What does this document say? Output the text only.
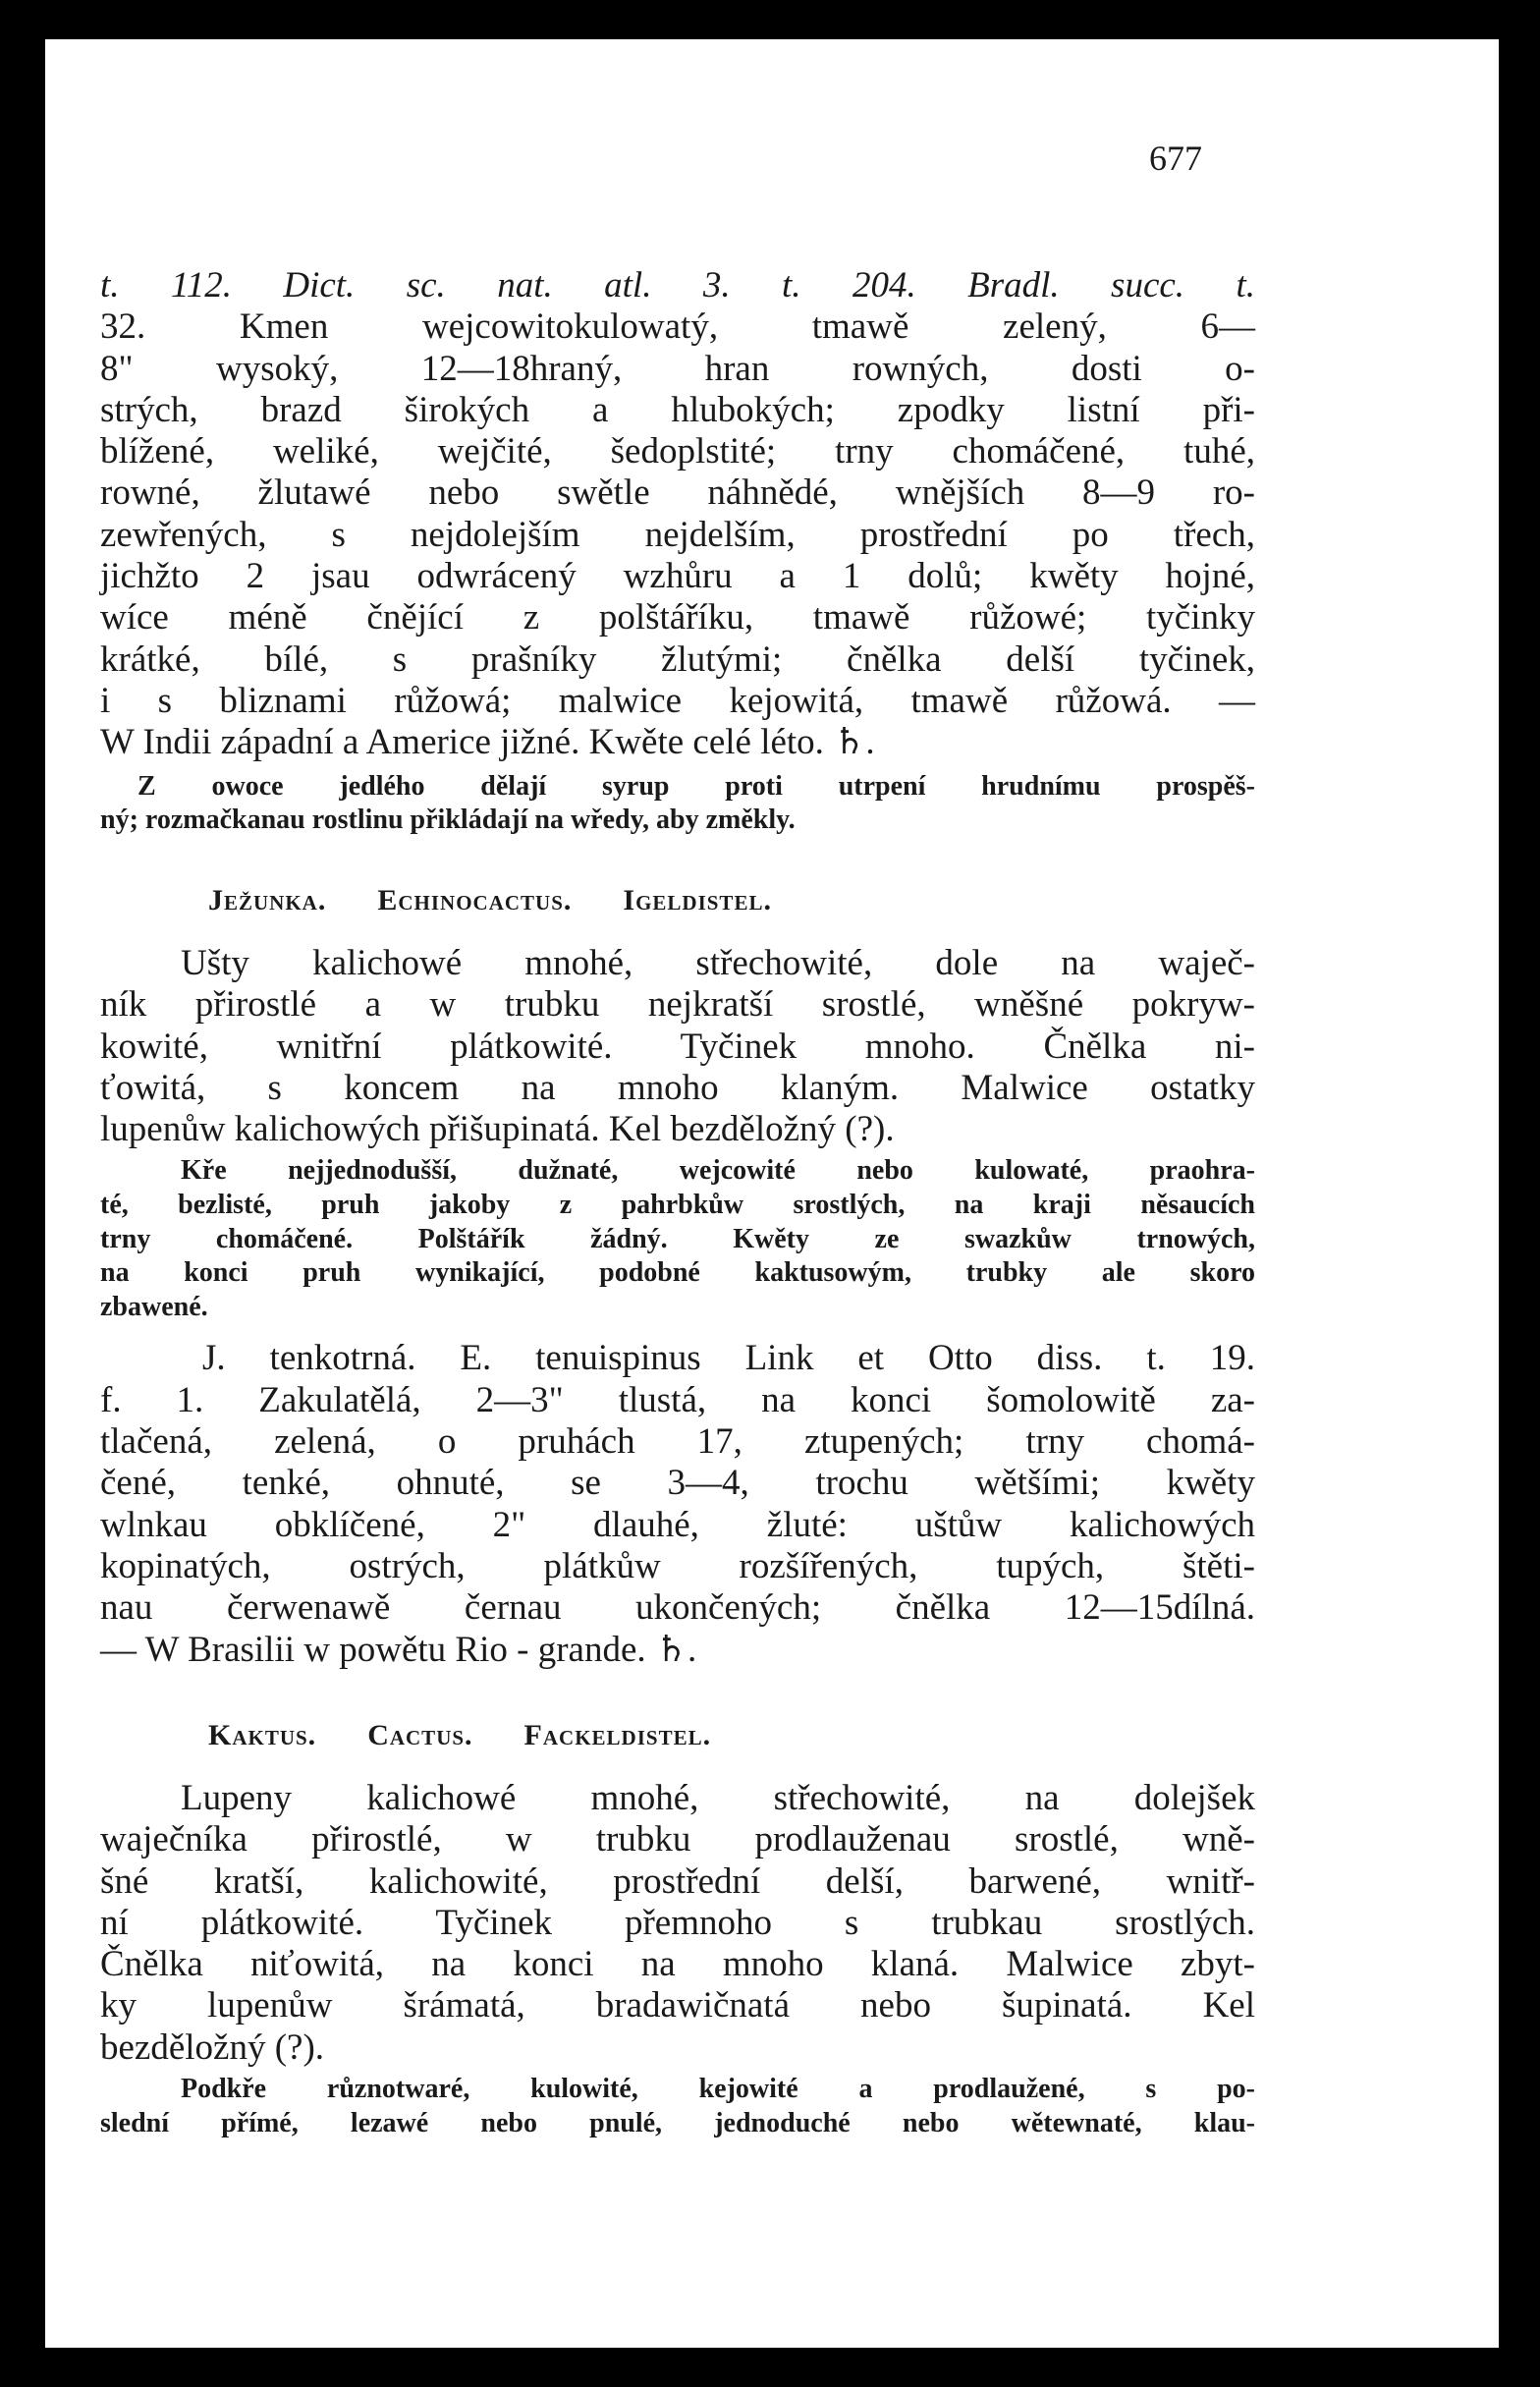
677
t. 112. Dict. sc. nat. atl. 3. t. 204. Bradl. succ. t.
32. Kmen wejcowitokulowatý, tmawě zelený, 6—
8" wysoký, 12—18hraný, hran rowných, dosti o-
strých, brazd širokých a hlubokých; zpodky listní při-
blížené, weliké, wejčité, šedoplstité; trny chomáčené, tuhé,
rowné, žlutawé nebo swětle náhnědé, wnějších 8—9 ro-
zewřených, s nejdolejším nejdelším, prostřední po třech,
jichžto 2 jsau odwrácený wzhůru a 1 dolů; kwěty hojné,
wíce méně čnějící z polštáříku, tmawě růžowé; tyčinky
krátké, bílé, s prašníky žlutými; čnělka delší tyčinek,
i s bliznami růžowá; malwice kejowitá, tmawě růžowá. —
W Indii západní a Americe jižné. Kwěte celé léto. ♄.
Z owoce jedlého dělají syrup proti utrpení hrudnímu prospěš-
ný; rozmačkanau rostlinu přikládají na wředy, aby změkly.
Ježunka. Echinocactus. Igeldistel.
Ušty kalichowé mnohé, střechowité, dole na waječ-
ník přirostlé a w trubku nejkratší srostlé, wněšné pokryw-
kowité, wnitřní plátkowité. Tyčinek mnoho. Čnělka ni-
ťowitá, s koncem na mnoho klaným. Malwice ostatky
lupenůw kalichowých přišupinatá. Kel bezděložný (?).
Kře nejjednodušší, dužnaté, wejcowité nebo kulowaté, praohra-
té, bezlisté, pruh jakoby z pahrbkůw srostlých, na kraji něsaucích
trny chomáčené. Polštářík žádný. Kwěty ze swazkůw trnowých,
na konci pruh wynikající, podobné kaktusowým, trubky ale skoro
zbawené.
J. tenkotrná. E. tenuispinus Link et Otto diss. t. 19.
f. 1. Zakulatělá, 2—3" tlustá, na konci šomolowitě za-
tlačená, zelená, o pruhách 17, ztupených; trny chomá-
čené, tenké, ohnuté, se 3—4, trochu wětšími; kwěty
wlnkau obklíčené, 2" dlauhé, žluté: uštůw kalichowých
kopinatých, ostrých, plátkůw rozšířených, tupých, štěti-
nau čerwenawě černau ukončených; čnělka 12—15dílná.
— W Brasilii w powětu Rio - grande. ♄.
Kaktus. Cactus. Fackeldistel.
Lupeny kalichowé mnohé, střechowité, na dolejšek
waječníka přirostlé, w trubku prodlauženau srostlé, wně-
šné kratší, kalichowité, prostřední delší, barwené, wnitř-
ní plátkowité. Tyčinek přemnoho s trubkau srostlých.
Čnělka niťowitá, na konci na mnoho klaná. Malwice zbyt-
ky lupenůw šrámatá, bradawičnatá nebo šupinatá. Kel
bezděložný (?).
Podkře různotwaré, kulowité, kejowité a prodlaužené, s po-
slední přímé, lezawé nebo pnulé, jednoduché nebo wětewnaté, klau-
